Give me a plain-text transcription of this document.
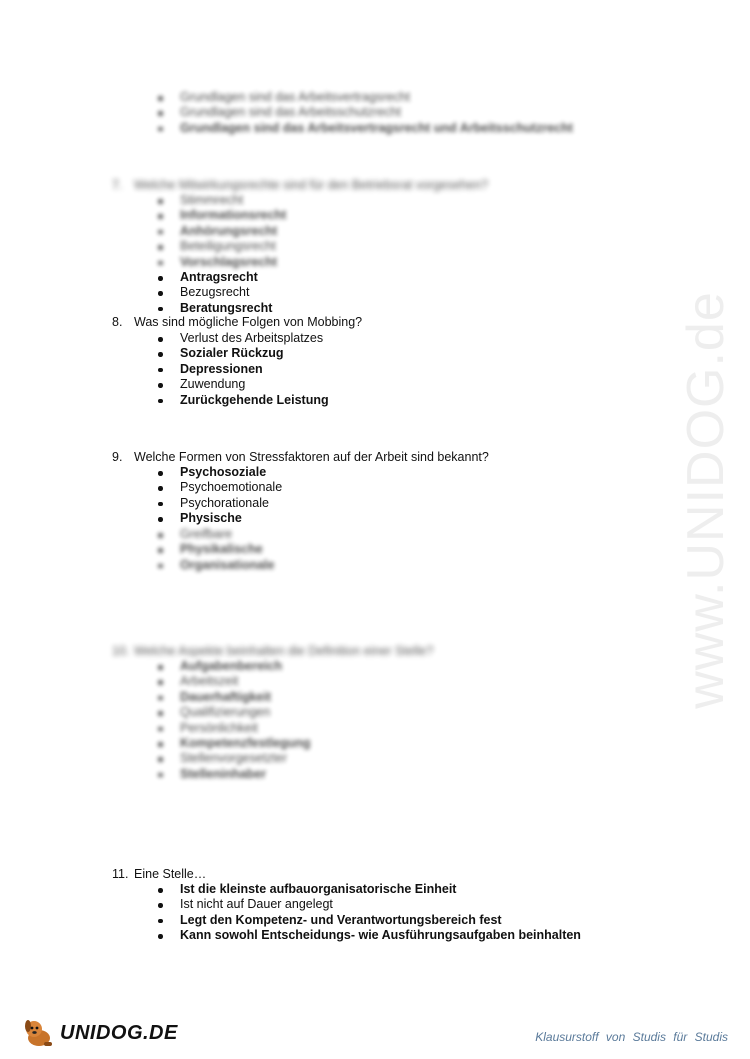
www.UNIDOG.de
Grundlagen sind das Arbeitsvertragsrecht
Grundlagen sind das Arbeitsschutzrecht
Grundlagen sind das Arbeitsvertragsrecht und Arbeitsschutzrecht
7. Welche Mitwirkungsrechte sind für den Betriebsrat vorgesehen?
Stimmrecht
Informationsrecht
Anhörungsrecht
Beteiligungsrecht
Vorschlagsrecht
Antragsrecht
Bezugsrecht
Beratungsrecht
8. Was sind mögliche Folgen von Mobbing?
Verlust des Arbeitsplatzes
Sozialer Rückzug
Depressionen
Zuwendung
Zurückgehende Leistung
9. Welche Formen von Stressfaktoren auf der Arbeit sind bekannt?
Psychosoziale
Psychoemotionale
Psychorationale
Physische
Greifbare
Physikalische
Organisationale
10. Welche Aspekte beinhalten die Definition einer Stelle?
Aufgabenbereich
Arbeitszeit
Dauerhaftigkeit
Qualifizierungen
Persönlichkeit
Kompetenzfestlegung
Stellenvorgesetzter
Stelleninhaber
11. Eine Stelle…
Ist die kleinste aufbauorganisatorische Einheit
Ist nicht auf Dauer angelegt
Legt den Kompetenz- und Verantwortungsbereich fest
Kann sowohl Entscheidungs- wie Ausführungsaufgaben beinhalten
UNIDOG.DE	Klausurstoff von Studis für Studis
